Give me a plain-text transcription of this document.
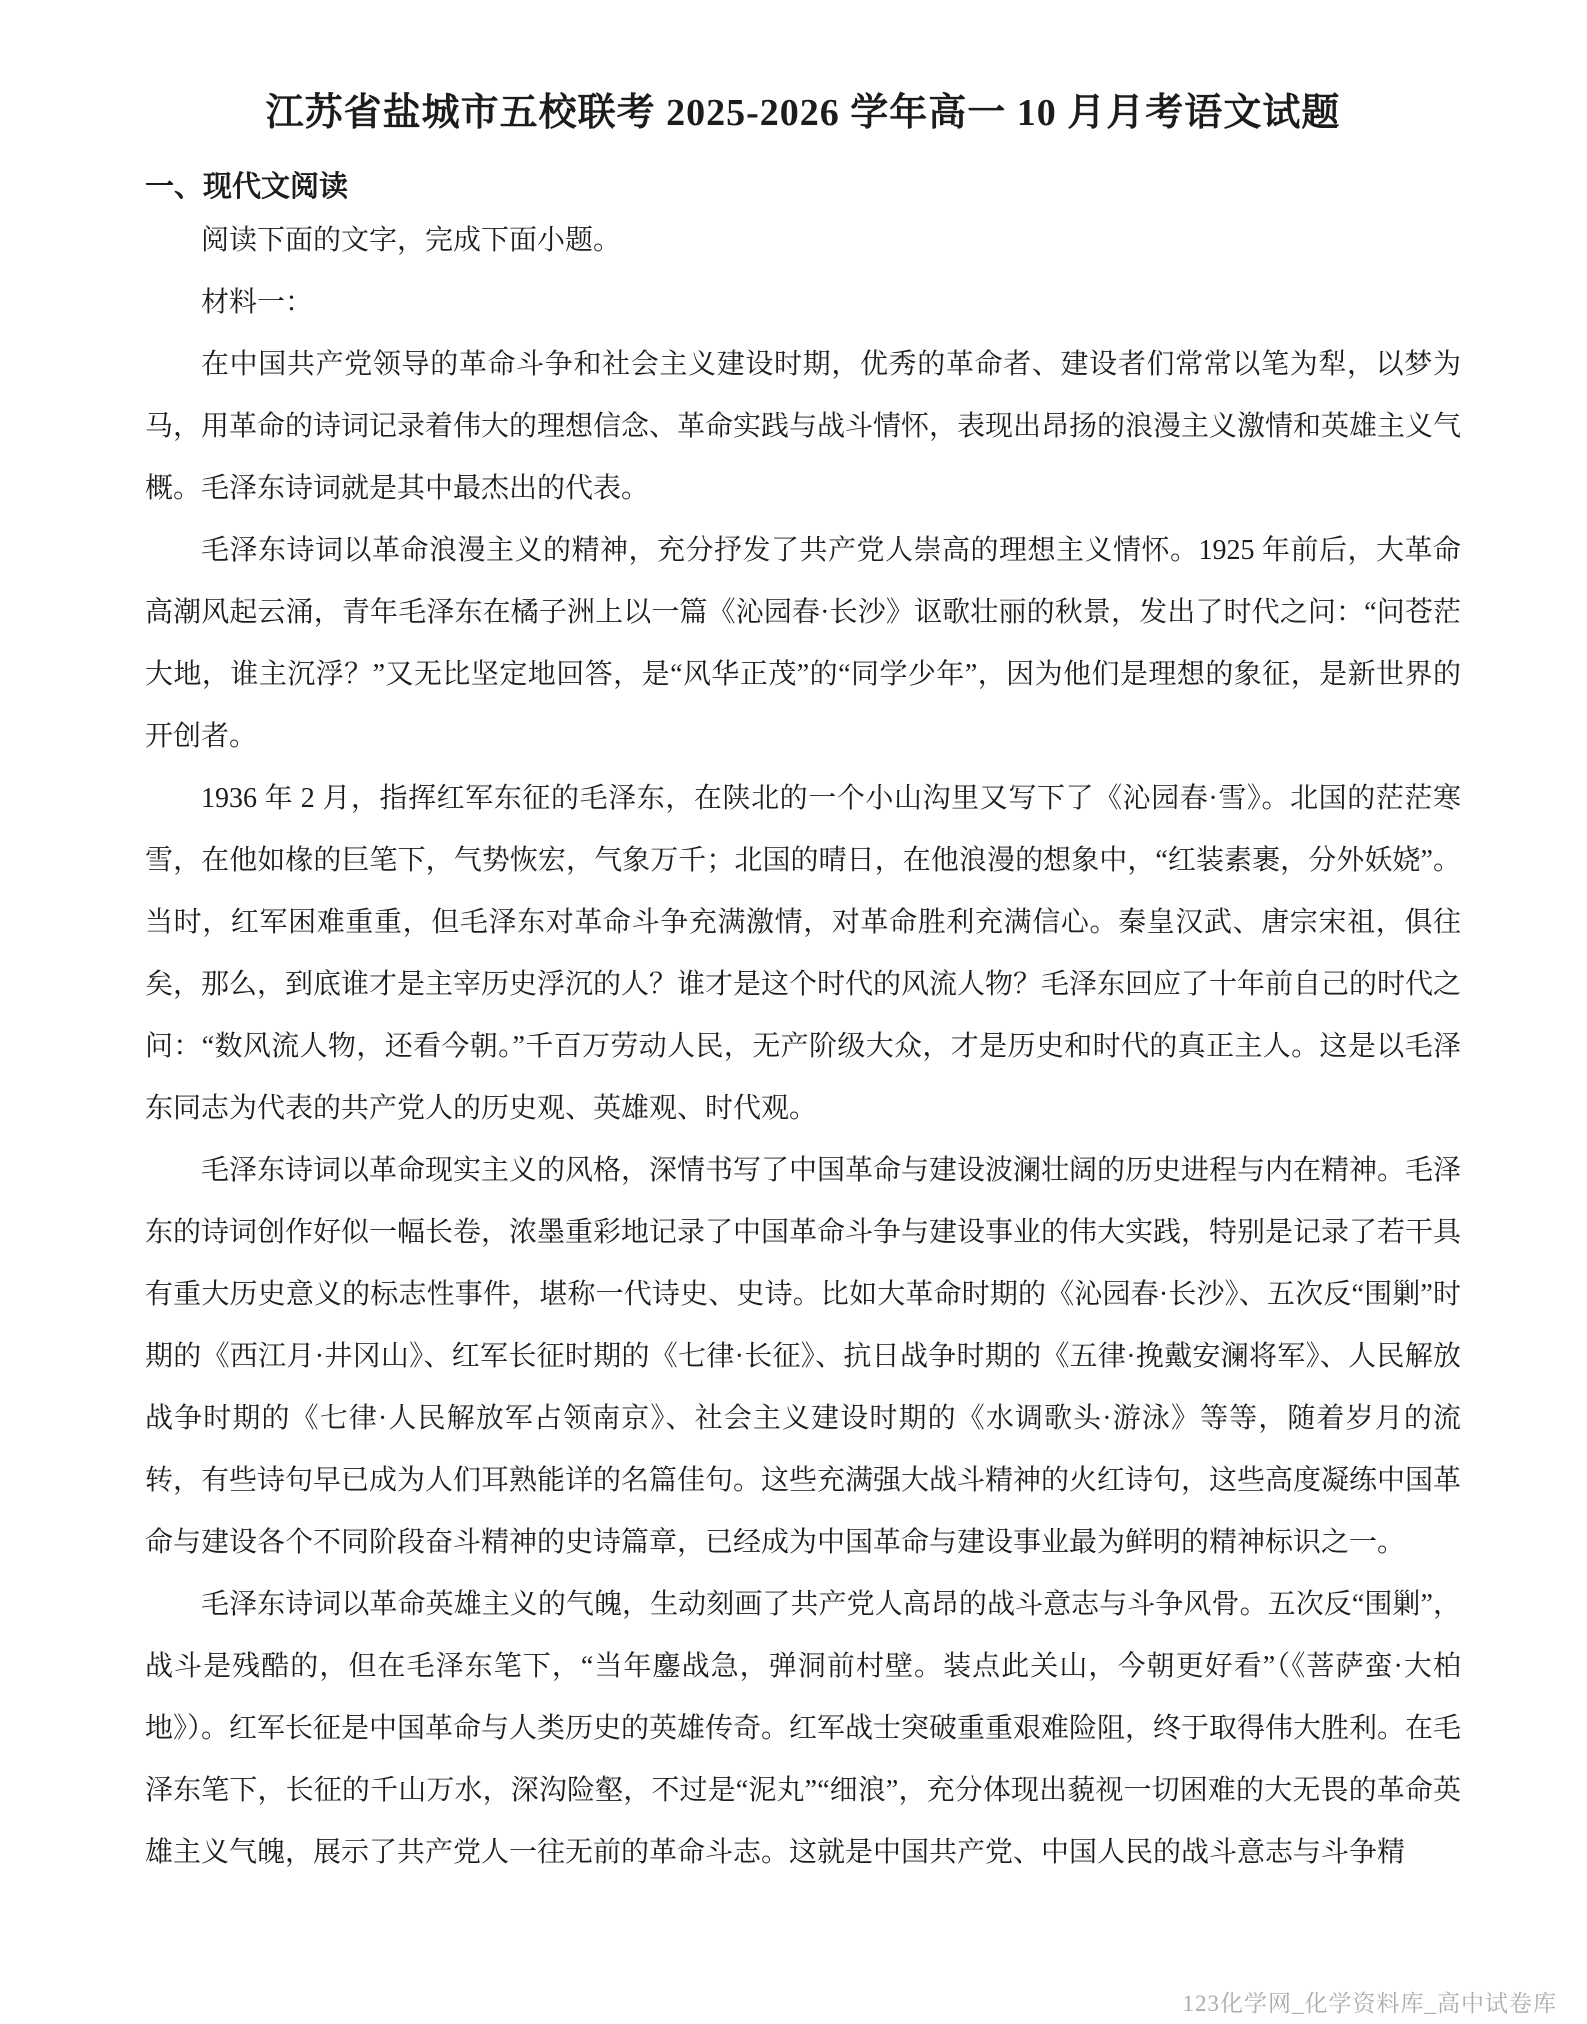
江苏省盐城市五校联考 2025-2026 学年高一 10 月月考语文试题
一、现代文阅读

阅读下面的文字，完成下面小题。

材料一：

在中国共产党领导的革命斗争和社会主义建设时期，优秀的革命者、建设者们常常以笔为犁，以梦为马，用革命的诗词记录着伟大的理想信念、革命实践与战斗情怀，表现出昂扬的浪漫主义激情和英雄主义气概。毛泽东诗词就是其中最杰出的代表。

毛泽东诗词以革命浪漫主义的精神，充分抒发了共产党人崇高的理想主义情怀。1925 年前后，大革命高潮风起云涌，青年毛泽东在橘子洲上以一篇《沁园春·长沙》讴歌壮丽的秋景，发出了时代之问：“问苍茫大地，谁主沉浮？”又无比坚定地回答，是“风华正茂”的“同学少年”，因为他们是理想的象征，是新世界的开创者。

1936 年 2 月，指挥红军东征的毛泽东，在陕北的一个小山沟里又写下了《沁园春·雪》。北国的茫茫寒雪，在他如椽的巨笔下，气势恢宏，气象万千；北国的晴日，在他浪漫的想象中，“红装素裹，分外妖娆”。当时，红军困难重重，但毛泽东对革命斗争充满激情，对革命胜利充满信心。秦皇汉武、唐宗宋祖，俱往矣，那么，到底谁才是主宰历史浮沉的人？谁才是这个时代的风流人物？毛泽东回应了十年前自己的时代之问：“数风流人物，还看今朝。”千百万劳动人民，无产阶级大众，才是历史和时代的真正主人。这是以毛泽东同志为代表的共产党人的历史观、英雄观、时代观。

毛泽东诗词以革命现实主义的风格，深情书写了中国革命与建设波澜壮阔的历史进程与内在精神。毛泽东的诗词创作好似一幅长卷，浓墨重彩地记录了中国革命斗争与建设事业的伟大实践，特别是记录了若干具有重大历史意义的标志性事件，堪称一代诗史、史诗。比如大革命时期的《沁园春·长沙》、五次反“围剿”时期的《西江月·井冈山》、红军长征时期的《七律·长征》、抗日战争时期的《五律·挽戴安澜将军》、人民解放战争时期的《七律·人民解放军占领南京》、社会主义建设时期的《水调歌头·游泳》等等，随着岁月的流转，有些诗句早已成为人们耳熟能详的名篇佳句。这些充满强大战斗精神的火红诗句，这些高度凝练中国革命与建设各个不同阶段奋斗精神的史诗篇章，已经成为中国革命与建设事业最为鲜明的精神标识之一。

毛泽东诗词以革命英雄主义的气魄，生动刻画了共产党人高昂的战斗意志与斗争风骨。五次反“围剿”，战斗是残酷的，但在毛泽东笔下，“当年鏖战急，弹洞前村壁。装点此关山，今朝更好看”（《菩萨蛮·大柏地》）。红军长征是中国革命与人类历史的英雄传奇。红军战士突破重重艰难险阻，终于取得伟大胜利。在毛泽东笔下，长征的千山万水，深沟险壑，不过是“泥丸”“细浪”，充分体现出藐视一切困难的大无畏的革命英雄主义气魄，展示了共产党人一往无前的革命斗志。这就是中国共产党、中国人民的战斗意志与斗争精

123化学网_化学资料库_高中试卷库
